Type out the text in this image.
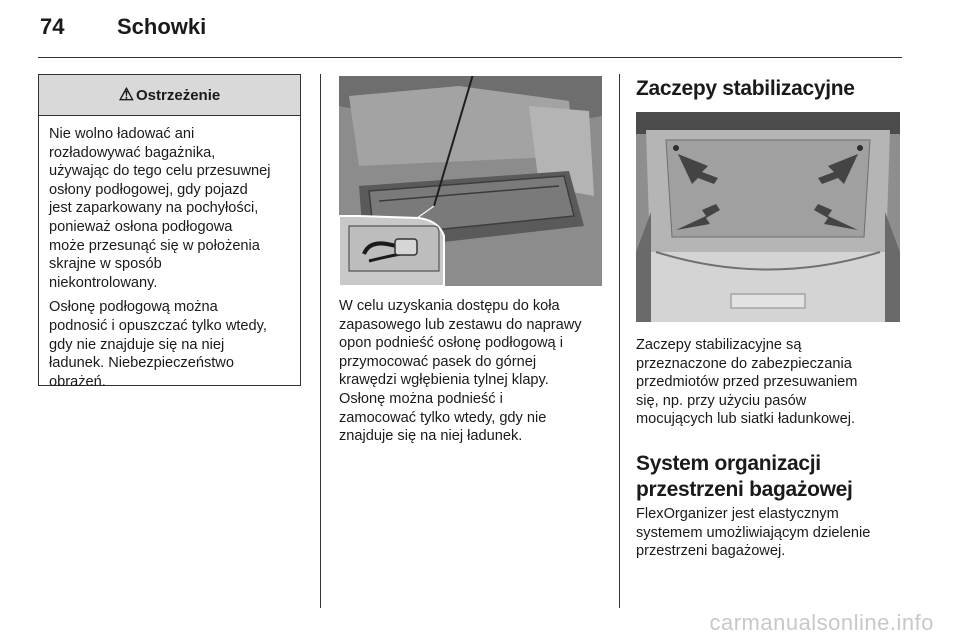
74 Schowki
⚠ Ostrzeżenie

Nie wolno ładować ani
rozładowywać bagażnika,
używając do tego celu przesuwnej
osłony podłogowej, gdy pojazd
jest zaparkowany na pochyłości,
ponieważ osłona podłogowa
może przesunąć się w położenia
skrajne w sposób
niekontrolowany.

Osłonę podłogową można
podnosić i opuszczać tylko wtedy,
gdy nie znajduje się na niej
ładunek. Niebezpieczeństwo
obrażeń.

W celu uzyskania dostępu do koła
zapasowego lub zestawu do naprawy
opon podnieść osłonę podłogową i
przymocować pasek do górnej
krawędzi wgłębienia tylnej klapy.
Osłonę można podnieść i
zamocować tylko wtedy, gdy nie
znajduje się na niej ładunek.

Zaczepy stabilizacyjne

Zaczepy stabilizacyjne są
przeznaczone do zabezpieczania
przedmiotów przed przesuwaniem
się, np. przy użyciu pasów
mocujących lub siatki ładunkowej.

System organizacji
przestrzeni bagażowej

FlexOrganizer jest elastycznym
systemem umożliwiającym dzielenie
przestrzeni bagażowej.

carmanualsonline.info
